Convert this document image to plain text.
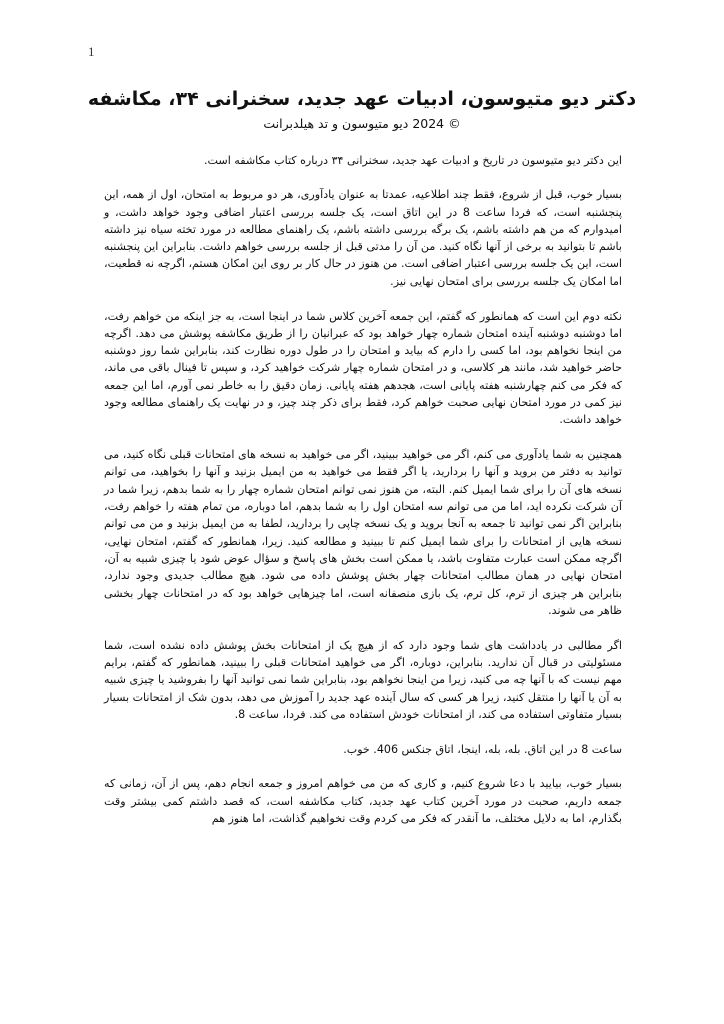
1
دکتر دیو متیوسون، ادبیات عهد جدید، سخنرانی ۳۴، مکاشفه
© 2024 دیو متیوسون و تد هیلدبرانت

این دکتر دیو متیوسون در تاریخ و ادبیات عهد جدید، سخنرانی ۳۴ درباره کتاب مکاشفه است.

بسیار خوب، قبل از شروع، فقط چند اطلاعیه، عمدتا به عنوان یادآوری، هر دو مربوط به امتحان، اول از همه، این پنجشنبه است، که فردا ساعت 8 در این اتاق است، یک جلسه بررسی اعتبار اضافی وجود خواهد داشت، و امیدوارم که من هم داشته باشم، یک برگه بررسی داشته باشم، یک راهنمای مطالعه در مورد تخته سیاه نیز داشته باشم تا بتوانید به برخی از آنها نگاه کنید. من آن را مدتی قبل از جلسه بررسی خواهم داشت. بنابراین این پنجشنبه است، این یک جلسه بررسی اعتبار اضافی است. من هنوز در حال کار بر روی این امکان هستم، اگرچه نه قطعیت، اما امکان یک جلسه بررسی برای امتحان نهایی نیز.

نکته دوم این است که همانطور که گفتم، این جمعه آخرین کلاس شما در اینجا است، به جز اینکه من خواهم رفت، اما دوشنبه دوشنبه آینده امتحان شماره چهار خواهد بود که عبرانیان را از طریق مکاشفه پوشش می دهد. اگرچه من اینجا نخواهم بود، اما کسی را دارم که بیاید و امتحان را در طول دوره نظارت کند، بنابراین شما روز دوشنبه حاضر خواهید شد، مانند هر کلاسی، و در امتحان شماره چهار شرکت خواهید کرد، و سپس تا فینال باقی می ماند، که فکر می کنم چهارشنبه هفته پایانی است، هجدهم هفته پایانی. زمان دقیق را به خاطر نمی آورم، اما این جمعه نیز کمی در مورد امتحان نهایی صحبت خواهم کرد، فقط برای ذکر چند چیز، و در نهایت یک راهنمای مطالعه وجود خواهد داشت.

همچنین به شما یادآوری می کنم، اگر می خواهید ببینید، اگر می خواهید به نسخه های امتحانات قبلی نگاه کنید، می توانید به دفتر من بروید و آنها را بردارید، یا اگر فقط می خواهید به من ایمیل بزنید و آنها را بخواهید، می توانم نسخه های آن را برای شما ایمیل کنم. البته، من هنوز نمی توانم امتحان شماره چهار را به شما بدهم، زیرا شما در آن شرکت نکرده اید، اما من می توانم سه امتحان اول را به شما بدهم، اما دوباره، من تمام هفته را خواهم رفت، بنابراین اگر نمی توانید تا جمعه به آنجا بروید و یک نسخه چاپی را بردارید، لطفا به من ایمیل بزنید و من می توانم نسخه هایی از امتحانات را برای شما ایمیل کنم تا ببینید و مطالعه کنید. زیرا، همانطور که گفتم، امتحان نهایی، اگرچه ممکن است عبارت متفاوت باشد، یا ممکن است بخش های پاسخ و سؤال عوض شود یا چیزی شبیه به آن، امتحان نهایی در همان مطالب امتحانات چهار بخش پوشش داده می شود. هیچ مطالب جدیدی وجود ندارد، بنابراین هر چیزی از ترم، کل ترم، یک بازی منصفانه است، اما چیزهایی خواهد بود که در امتحانات چهار بخشی ظاهر می شوند.

اگر مطالبی در یادداشت های شما وجود دارد که از هیچ یک از امتحانات بخش پوشش داده نشده است، شما مسئولیتی در قبال آن ندارید. بنابراین، دوباره، اگر می خواهید امتحانات قبلی را ببینید، همانطور که گفتم، برایم مهم نیست که با آنها چه می کنید، زیرا من اینجا نخواهم بود، بنابراین شما نمی توانید آنها را بفروشید یا چیزی شبیه به آن یا آنها را منتقل کنید، زیرا هر کسی که سال آینده عهد جدید را آموزش می دهد، بدون شک از امتحانات بسیار بسیار متفاوتی استفاده می کند، از امتحانات خودش استفاده می کند. فردا، ساعت 8.

ساعت 8 در این اتاق. بله، بله، اینجا، اتاق جنکس 406. خوب.

بسیار خوب، بیایید با دعا شروع کنیم، و کاری که من می خواهم امروز و جمعه انجام دهم، پس از آن، زمانی که جمعه داریم، صحبت در مورد آخرین کتاب عهد جدید، کتاب مکاشفه است، که قصد داشتم کمی بیشتر وقت بگذارم، اما به دلایل مختلف، ما آنقدر که فکر می کردم وقت نخواهیم گذاشت، اما هنوز هم
